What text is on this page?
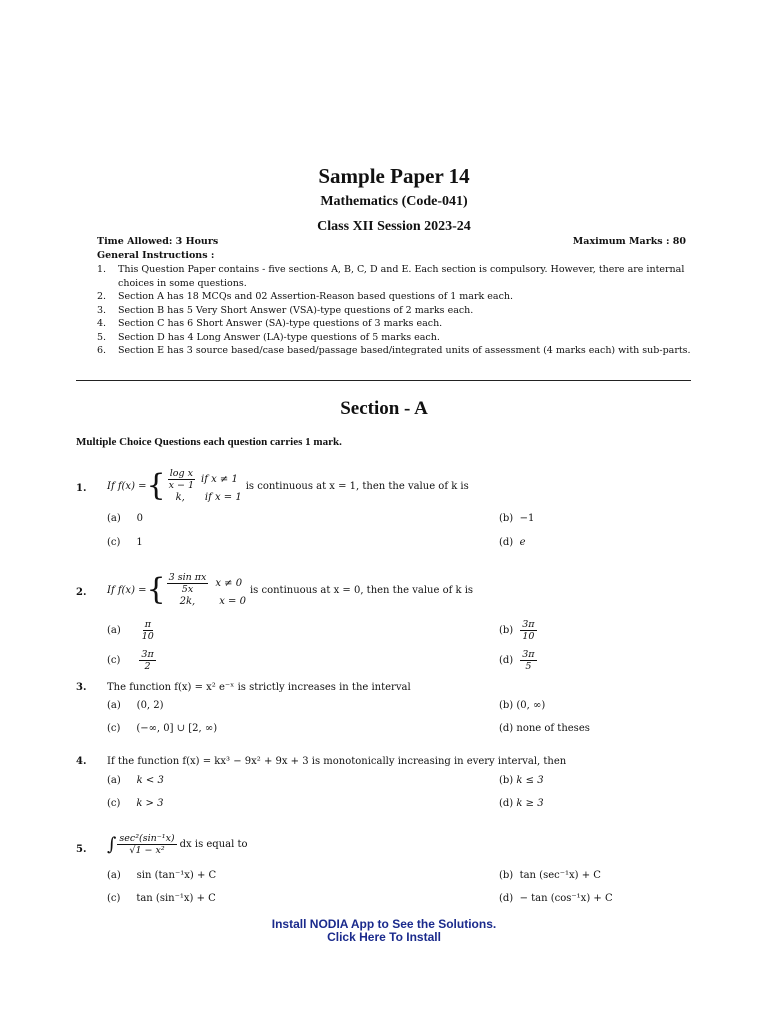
Sample Paper 14
Mathematics (Code-041)
Class XII Session 2023-24
Time Allowed: 3 Hours	Maximum Marks : 80
General Instructions :
1.	This Question Paper contains - five sections A, B, C, D and E. Each section is compulsory. However, there are internal choices in some questions.
2.	Section A has 18 MCQs and 02 Assertion-Reason based questions of 1 mark each.
3.	Section B has 5 Very Short Answer (VSA)-type questions of 2 marks each.
4.	Section C has 6 Short Answer (SA)-type questions of 3 marks each.
5.	Section D has 4 Long Answer (LA)-type questions of 5 marks each.
6.	Section E has 3 source based/case based/passage based/integrated units of assessment (4 marks each) with sub-parts.
Section - A
Multiple Choice Questions each question carries 1 mark.
1. If f(x) = { $\frac{\text{log x}}{x - 1}$ if x ≠ 1
k, if x = 1
is continuous at x = 1, then the value of k is
(a) 0	(b) −1
(c) 1	(d) e
2. If f(x) = { $\frac{\text{3 sin πx}}{5x}$ x ≠ 0
2k, x = 0
is continuous at x = 0, then the value of k is
$(a) \frac{\pi}{10}$	$(b) \frac{3\pi}{10}$
$(c) \frac{3\pi}{2}$	$(d) \frac{3\pi}{5}$
3. The function f(x) = x² e⁻ˣ is strictly increases in the interval
(a) (0, 2)	(b) (0, ∞)
(c) (−∞, 0] ∪ [2, ∞)	(d) none of theses
4. If the function f(x) = kx³ − 9x² + 9x + 3 is monotonically increasing in every interval, then
(a) k < 3	(b) k ≤ 3
(c) k > 3	(d) k ≥ 3
5. ∫ $\frac{\text{sec²(sin⁻¹x)}}{\text{√1 − x²}}$ dx is equal to
(a) sin (tan⁻¹x) + C	(b) tan (sec⁻¹x) + C
(c) tan (sin⁻¹x) + C	(d) − tan (cos⁻¹x) + C
Install NODIA App to See the Solutions.
Click Here To Install
